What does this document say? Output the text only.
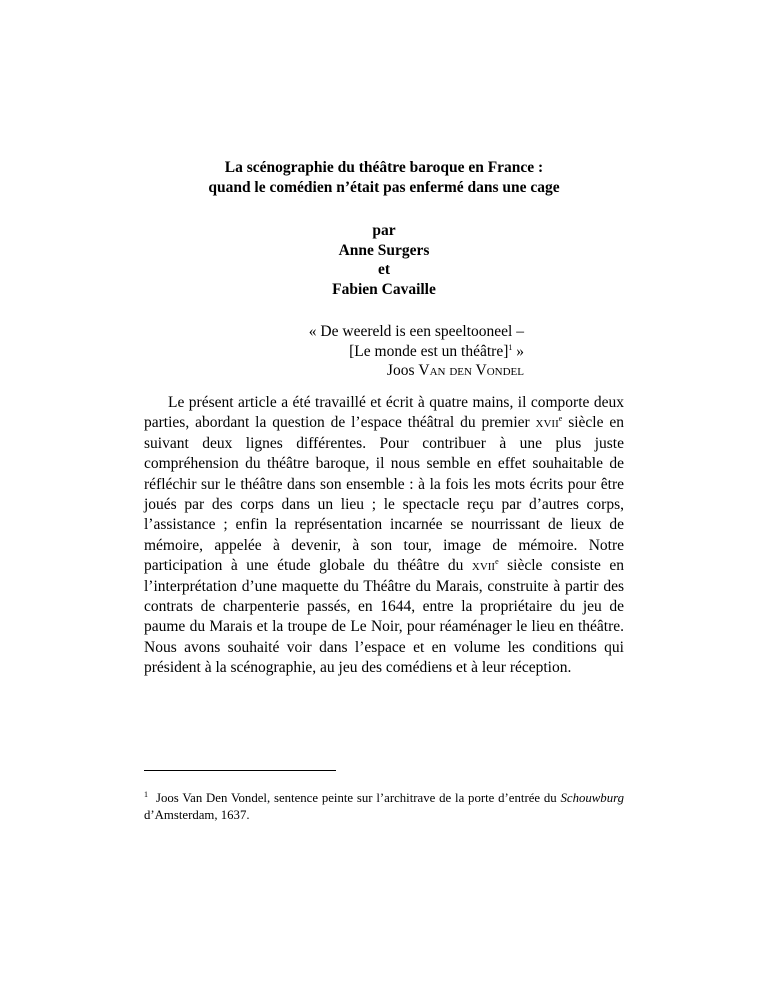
La scénographie du théâtre baroque en France :
quand le comédien n’était pas enfermé dans une cage
par
Anne Surgers
et
Fabien Cavaille
« De weereld is een speeltooneel –
[Le monde est un théâtre]$^1$ »
Joos Van den Vondel

Le présent article a été travaillé et écrit à quatre mains, il comporte deux parties, abordant la question de l’espace théâtral du premier xvii$^e$ siècle en suivant deux lignes différentes. Pour contribuer à une plus juste compréhension du théâtre baroque, il nous semble en effet souhaitable de réfléchir sur le théâtre dans son ensemble : à la fois les mots écrits pour être joués par des corps dans un lieu ; le spectacle reçu par d’autres corps, l’assistance ; enfin la représentation incarnée se nourrissant de lieux de mémoire, appelée à devenir, à son tour, image de mémoire. Notre participation à une étude globale du théâtre du xvii$^e$ siècle consiste en l’interprétation d’une maquette du Théâtre du Marais, construite à partir des contrats de charpenterie passés, en 1644, entre la propriétaire du jeu de paume du Marais et la troupe de Le Noir, pour réaménager le lieu en théâtre. Nous avons souhaité voir dans l’espace et en volume les conditions qui président à la scénographie, au jeu des comédiens et à leur réception.

$^1$ Joos Van Den Vondel, sentence peinte sur l’architrave de la porte d’entrée du Schouwburg d’Amsterdam, 1637.
